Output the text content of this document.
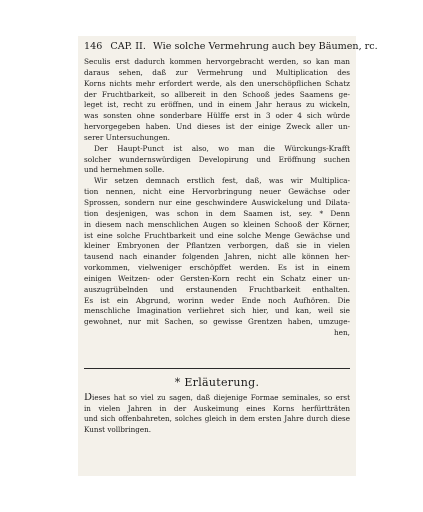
146 CAP. II. Wie solche Vermehrung auch bey Bäumen, rc.
Seculis erst dadurch kommen hervorgebracht werden, so kan man
daraus sehen, daß zur Vermehrung und Multiplication des
Korns nichts mehr erfordert werde, als den unerschöpflichen Schatz
der Fruchtbarkeit, so allbereit in den Schooß jedes Saamens ge-
leget ist, recht zu eröffnen, und in einem Jahr heraus zu wickeln,
was sonsten ohne sonderbare Hülffe erst in 3 oder 4 sich würde
hervorgegeben haben. Und dieses ist der einige Zweck aller un-
serer Untersuchungen.
Der Haupt-Punct ist also, wo man die Würckungs-Krafft
solcher wundernswürdigen Developirung und Eröffnung suchen
und hernehmen solle.
Wir setzen demnach erstlich fest, daß, was wir Multiplica-
tion nennen, nicht eine Hervorbringung neuer Gewächse oder
Sprossen, sondern nur eine geschwindere Auswickelung und Dilata-
tion desjenigen, was schon in dem Saamen ist, sey. * Denn
in diesem nach menschlichen Augen so kleinen Schooß der Körner,
ist eine solche Fruchtbarkeit und eine solche Menge Gewächse und
kleiner Embryonen der Pflantzen verborgen, daß sie in vielen
tausend nach einander folgenden Jahren, nicht alle können her-
vorkommen, vielweniger erschöpffet werden. Es ist in einem
einigen Weitzen- oder Gersten-Korn recht ein Schatz einer un-
auszugrübelnden und erstaunenden Fruchtbarkeit enthalten.
Es ist ein Abgrund, worinn weder Ende noch Aufhören. Die
menschliche Imagination verliehret sich hier, und kan, weil sie
gewohnet, nur mit Sachen, so gewisse Grentzen haben, umzuge-
hen,
* Erläuterung.
Dieses hat so viel zu sagen, daß diejenige Formae seminales, so erst
in vielen Jahren in der Auskeimung eines Korns herfürtträten
und sich offenbahreten, solches gleich in dem ersten Jahre durch diese
Kunst vollbringen.
